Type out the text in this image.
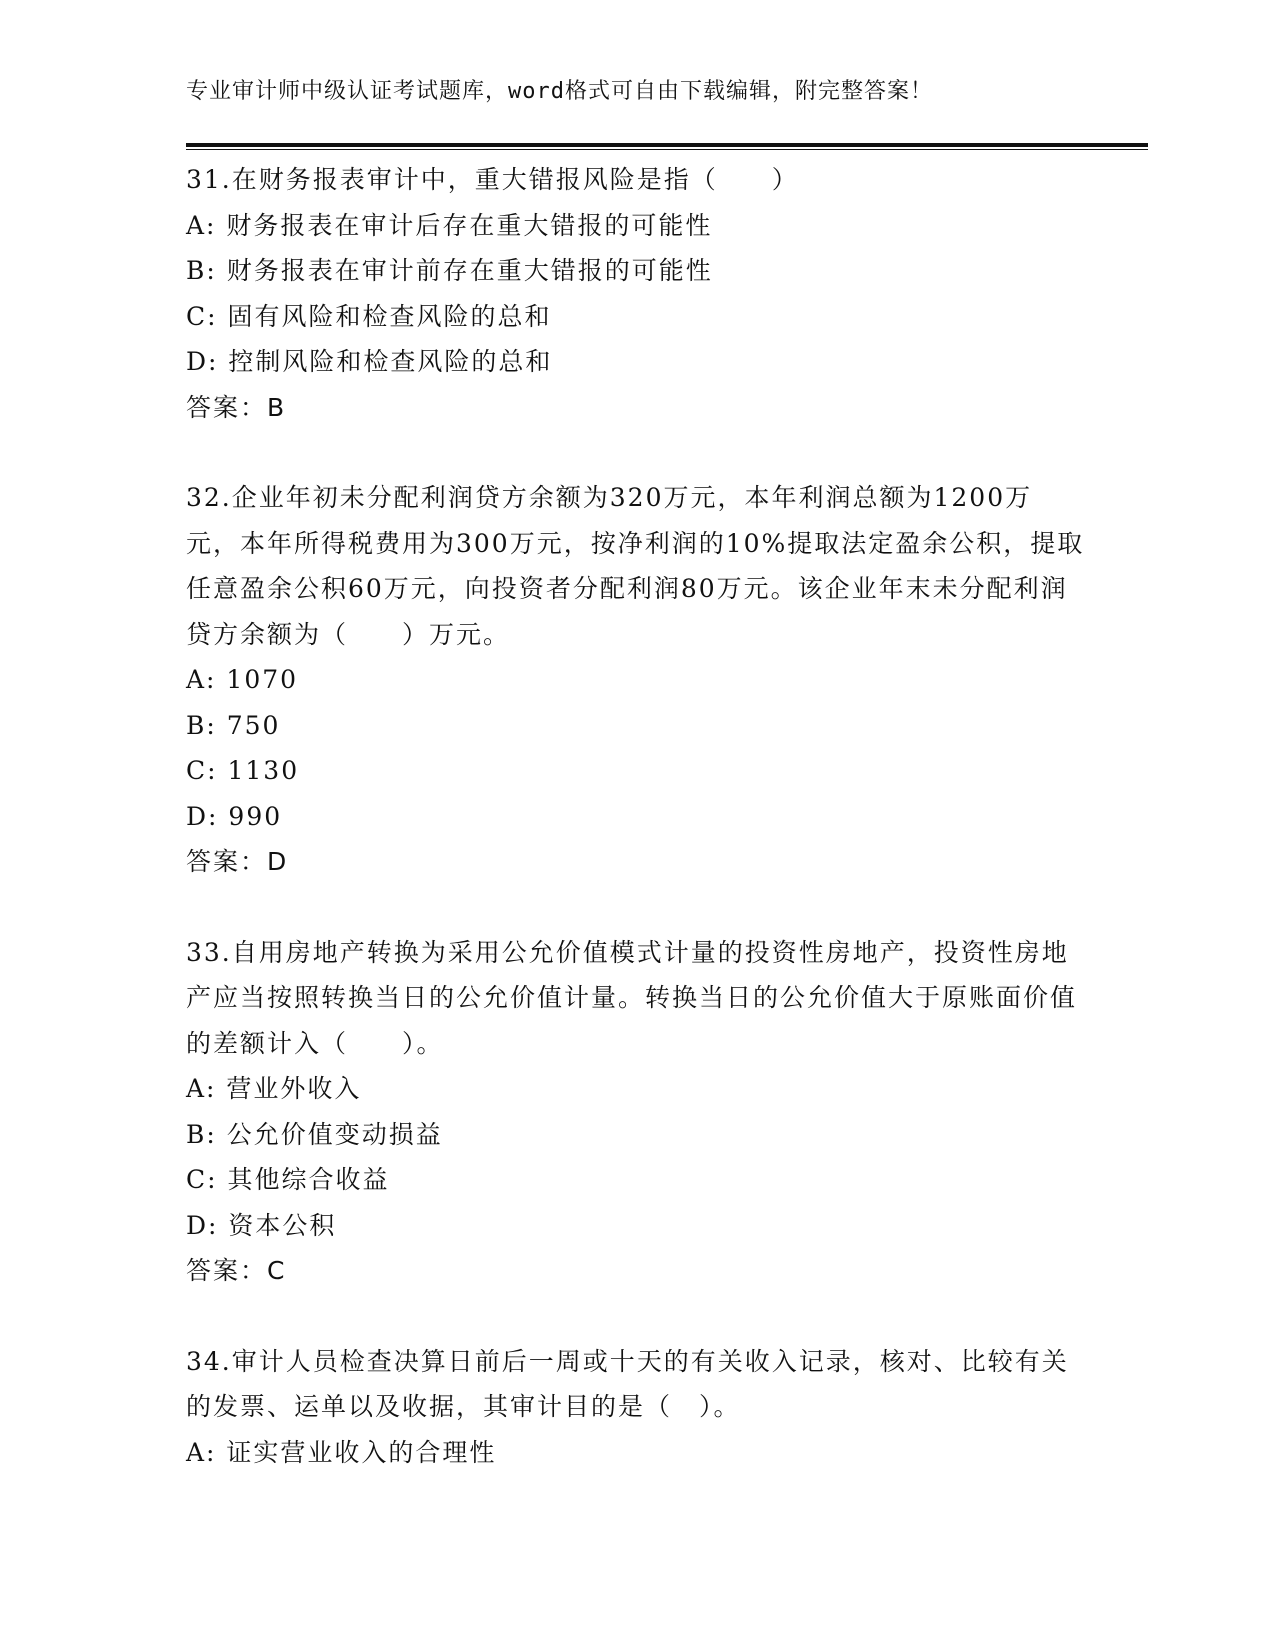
专业审计师中级认证考试题库，word格式可自由下载编辑，附完整答案！

31.在财务报表审计中，重大错报风险是指（　　）

A: 财务报表在审计后存在重大错报的可能性

B: 财务报表在审计前存在重大错报的可能性

C: 固有风险和检查风险的总和

D: 控制风险和检查风险的总和

答案：B

32.企业年初未分配利润贷方余额为320万元，本年利润总额为1200万元，本年所得税费用为300万元，按净利润的10%提取法定盈余公积，提取任意盈余公积60万元，向投资者分配利润80万元。该企业年末未分配利润贷方余额为（　　）万元。

A: 1070

B: 750

C: 1130

D: 990

答案：D

33.自用房地产转换为采用公允价值模式计量的投资性房地产，投资性房地产应当按照转换当日的公允价值计量。转换当日的公允价值大于原账面价值的差额计入（　　）。

A: 营业外收入

B: 公允价值变动损益

C: 其他综合收益

D: 资本公积

答案：C

34.审计人员检查决算日前后一周或十天的有关收入记录，核对、比较有关的发票、运单以及收据，其审计目的是（　）。

A: 证实营业收入的合理性
